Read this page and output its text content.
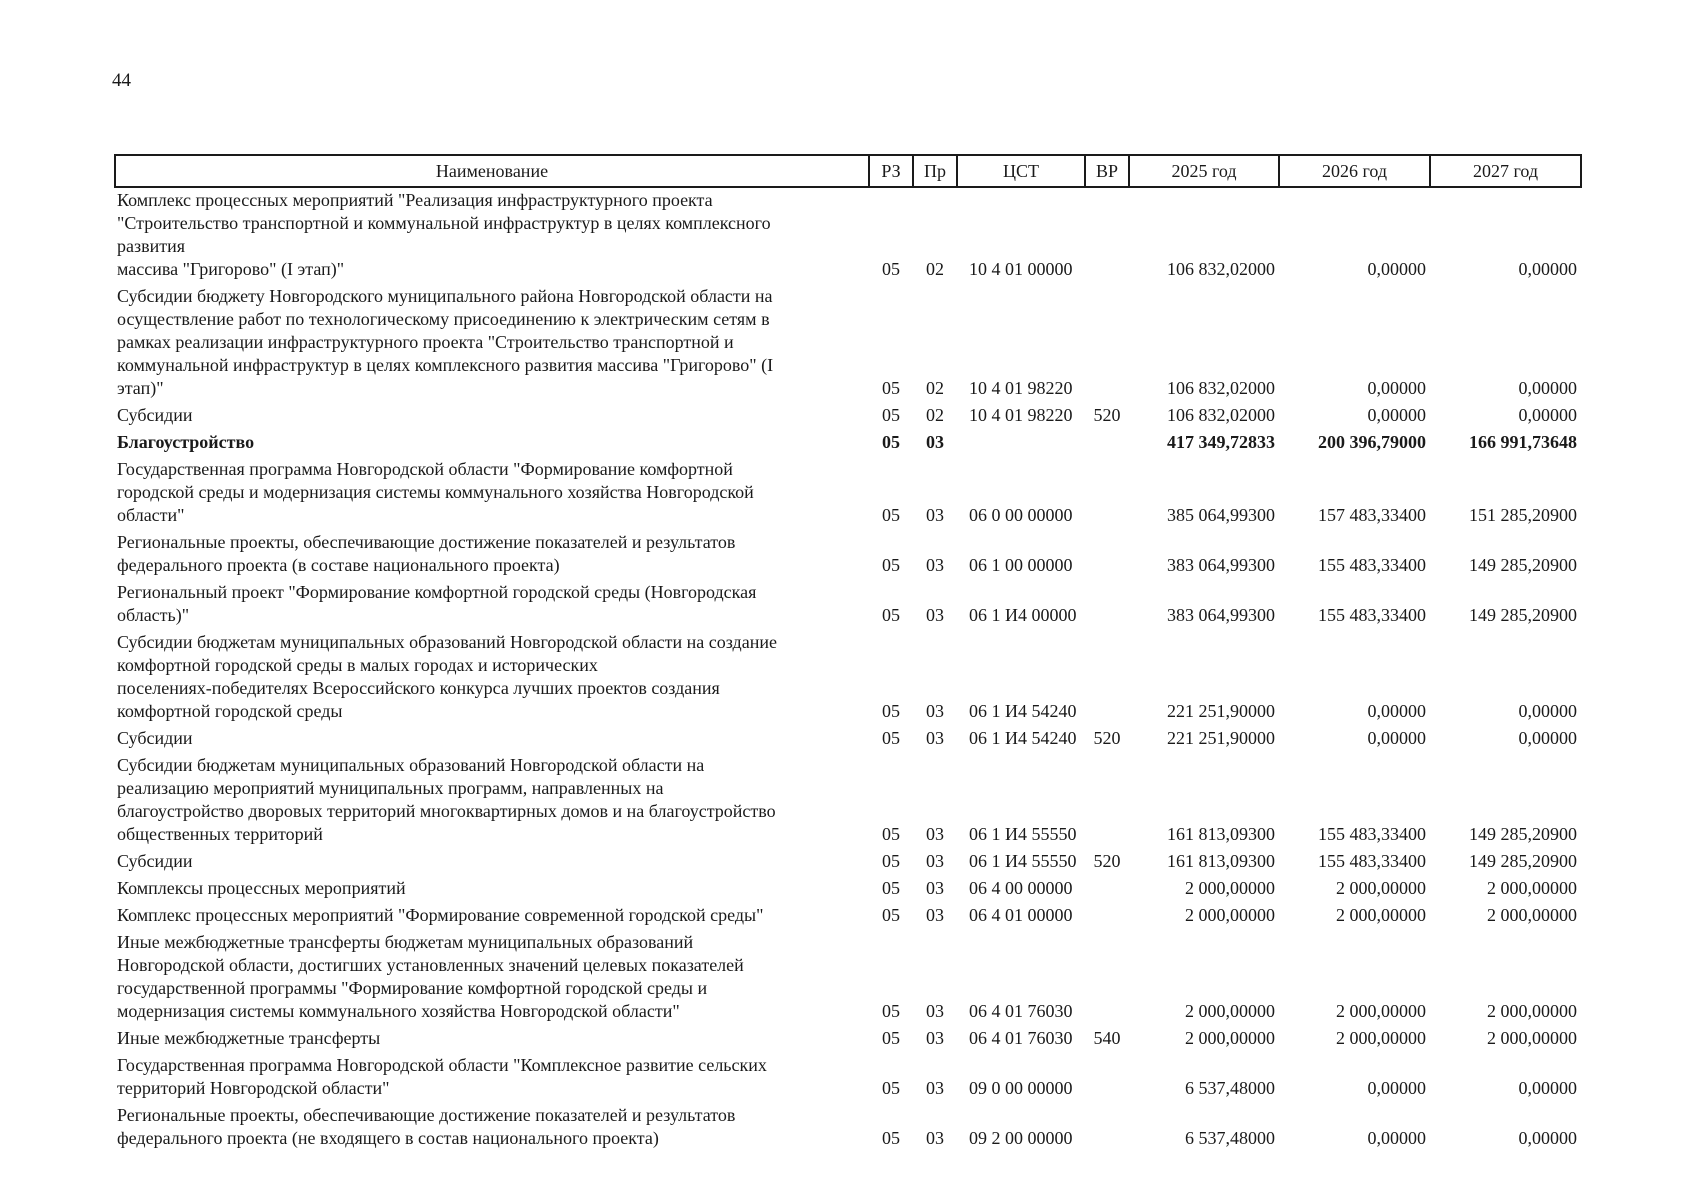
44
Наименование	РЗ	Пр	ЦСТ	ВР	2025 год	2026 год	2027 год
Комплекс процессных мероприятий "Реализация инфраструктурного проекта
"Строительство транспортной и коммунальной инфраструктур в целях комплексного
развития
массива "Григорово" (I этап)"	05	02	10 4 01 00000		106 832,02000	0,00000	0,00000
Субсидии бюджету Новгородского муниципального района Новгородской области на
осуществление работ по технологическому присоединению к электрическим сетям в
рамках реализации инфраструктурного проекта "Строительство транспортной и
коммунальной инфраструктур в целях комплексного развития массива "Григорово" (I
этап)"	05	02	10 4 01 98220		106 832,02000	0,00000	0,00000
Субсидии	05	02	10 4 01 98220	520	106 832,02000	0,00000	0,00000
Благоустройство	05	03			417 349,72833	200 396,79000	166 991,73648
Государственная программа Новгородской области "Формирование комфортной
городской среды и модернизация системы коммунального хозяйства Новгородской
области"	05	03	06 0 00 00000		385 064,99300	157 483,33400	151 285,20900
Региональные проекты, обеспечивающие достижение показателей и результатов
федерального проекта (в составе национального проекта)	05	03	06 1 00 00000		383 064,99300	155 483,33400	149 285,20900
Региональный проект "Формирование комфортной городской среды (Новгородская
область)"	05	03	06 1 И4 00000		383 064,99300	155 483,33400	149 285,20900
Субсидии бюджетам муниципальных образований Новгородской области на создание
комфортной городской среды в малых городах и исторических
поселениях-победителях Всероссийского конкурса лучших проектов создания
комфортной городской среды	05	03	06 1 И4 54240		221 251,90000	0,00000	0,00000
Субсидии	05	03	06 1 И4 54240	520	221 251,90000	0,00000	0,00000
Субсидии бюджетам муниципальных образований Новгородской области на
реализацию мероприятий муниципальных программ, направленных на
благоустройство дворовых территорий многоквартирных домов и на благоустройство
общественных территорий	05	03	06 1 И4 55550		161 813,09300	155 483,33400	149 285,20900
Субсидии	05	03	06 1 И4 55550	520	161 813,09300	155 483,33400	149 285,20900
Комплексы процессных мероприятий	05	03	06 4 00 00000		2 000,00000	2 000,00000	2 000,00000
Комплекс процессных мероприятий "Формирование современной городской среды"	05	03	06 4 01 00000		2 000,00000	2 000,00000	2 000,00000
Иные межбюджетные трансферты бюджетам муниципальных образований
Новгородской области, достигших установленных значений целевых показателей
государственной программы "Формирование комфортной городской среды и
модернизация системы коммунального хозяйства Новгородской области"	05	03	06 4 01 76030		2 000,00000	2 000,00000	2 000,00000
Иные межбюджетные трансферты	05	03	06 4 01 76030	540	2 000,00000	2 000,00000	2 000,00000
Государственная программа Новгородской области "Комплексное развитие сельских
территорий Новгородской области"	05	03	09 0 00 00000		6 537,48000	0,00000	0,00000
Региональные проекты, обеспечивающие достижение показателей и результатов
федерального проекта (не входящего в состав национального проекта)	05	03	09 2 00 00000		6 537,48000	0,00000	0,00000
